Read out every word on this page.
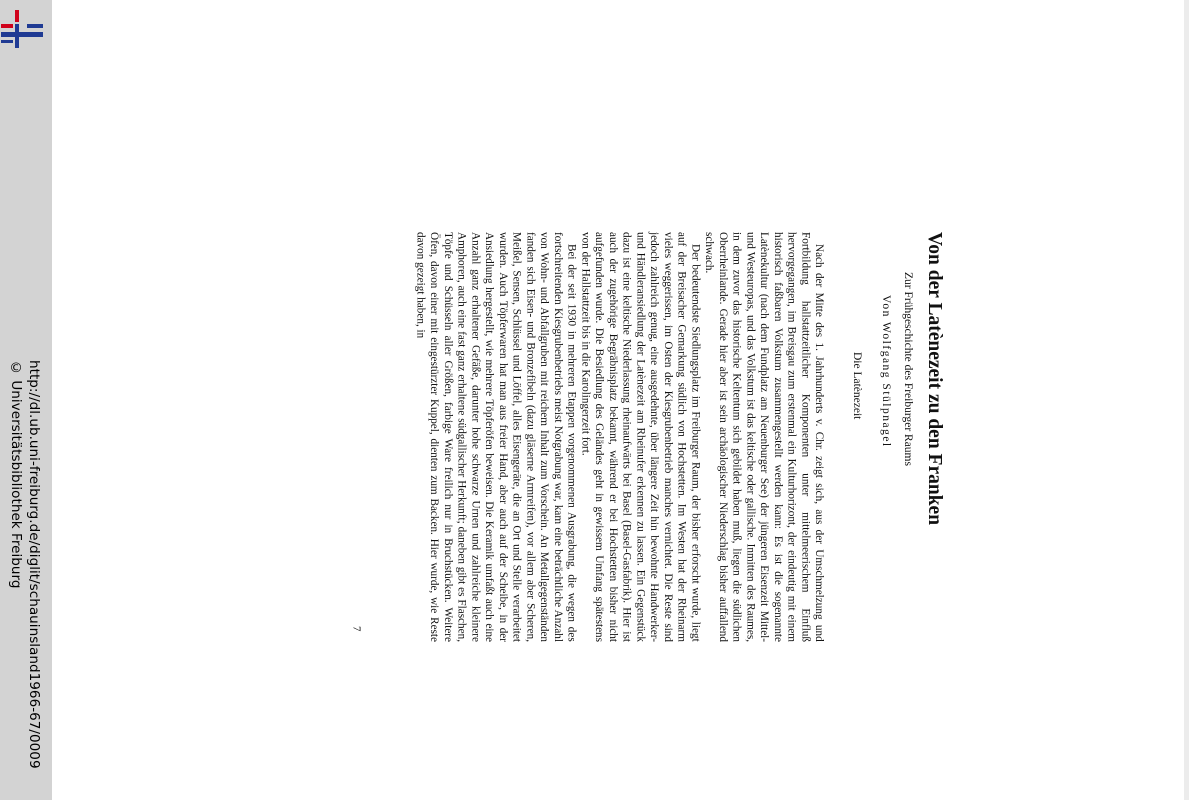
http://dl.ub.uni-freiburg.de/diglit/schauinsland1966-67/0009
© Universitätsbibliothek Freiburg	Von der Latènezeit zu den Franken

Zur Frühgeschichte des Freiburger Raums

Von Wolfgang Stülpnagel

Die Latènezeit

Nach der Mitte des 1. Jahrhunderts v. Chr. zeigt sich, aus der Umschmelzung und Fortbildung hallstattzeitlicher Komponenten unter mittelmeerischem Einfluß hervorgegangen, im Breisgau zum erstenmal ein Kulturhorizont, der eindeutig mit einem historisch faßbaren Volkstum zusammengestellt werden kann: Es ist die sogenannte Latènekultur (nach dem Fundplatz am Neuenburger See) der jüngeren Eisenzeit Mittel- und Westeuropas, und das Volkstum ist das keltische oder gallische. Inmitten des Raumes, in dem zuvor das historische Keltentum sich gebildet haben muß, liegen die südlichen Oberrheinlande. Gerade hier aber ist sein archäologischer Niederschlag bisher auffallend schwach.

Der bedeutendste Siedlungsplatz im Freiburger Raum, der bisher erforscht wurde, liegt auf der Breisacher Gemarkung südlich von Hochstetten. Im Westen hat der Rheinarm vieles weggerissen, im Osten der Kiesgrubenbetrieb manches vernichtet. Die Reste sind jedoch zahlreich genug, eine ausgedehnte, über längere Zeit hin bewohnte Handwerker- und Händleransiedlung der Latènezeit am Rheinufer erkennen zu lassen. Ein Gegenstück dazu ist eine keltische Niederlassung rheinaufwärts bei Basel (Basel-Gasfabrik). Hier ist auch der zugehörige Begräbnisplatz bekannt, während er bei Hochstetten bisher nicht aufgefunden wurde. Die Besiedlung des Geländes geht in gewissem Umfang spätestens von der Hallstattzeit bis in die Karolingerzeit fort.

Bei der seit 1930 in mehreren Etappen vorgenommenen Ausgrabung, die wegen des fortschreitenden Kiesgrubenbetriebs meist Notgrabung war, kam eine beträchtliche Anzahl von Wohn- und Abfallgruben mit reichem Inhalt zum Vorschein. An Metallgegenständen fanden sich Eisen- und Bronzefibeln (dazu gläserne Armreifen), vor allem aber Scheren, Meißel, Sensen, Schlüssel und Löffel, alles Eisengeräte, die an Ort und Stelle verarbeitet wurden. Auch Töpferwaren hat man aus freier Hand, aber auch auf der Scheibe, in der Ansiedlung hergestellt, wie mehrere Töpferöfen beweisen. Die Keramik umfaßt auch eine Anzahl ganz erhaltener Gefäße, darunter hohe schwarze Urnen und zahlreiche kleinere Amphoren, auch eine fast ganz erhaltene südgallischer Herkunft; daneben gibt es Flaschen, Töpfe und Schüsseln aller Größen, farbige Ware freilich nur in Bruchstücken. Weitere Öfen, davon einer mit eingestürzter Kuppel, dienten zum Backen. Hier wurde, wie Reste davon gezeigt haben, in

7
